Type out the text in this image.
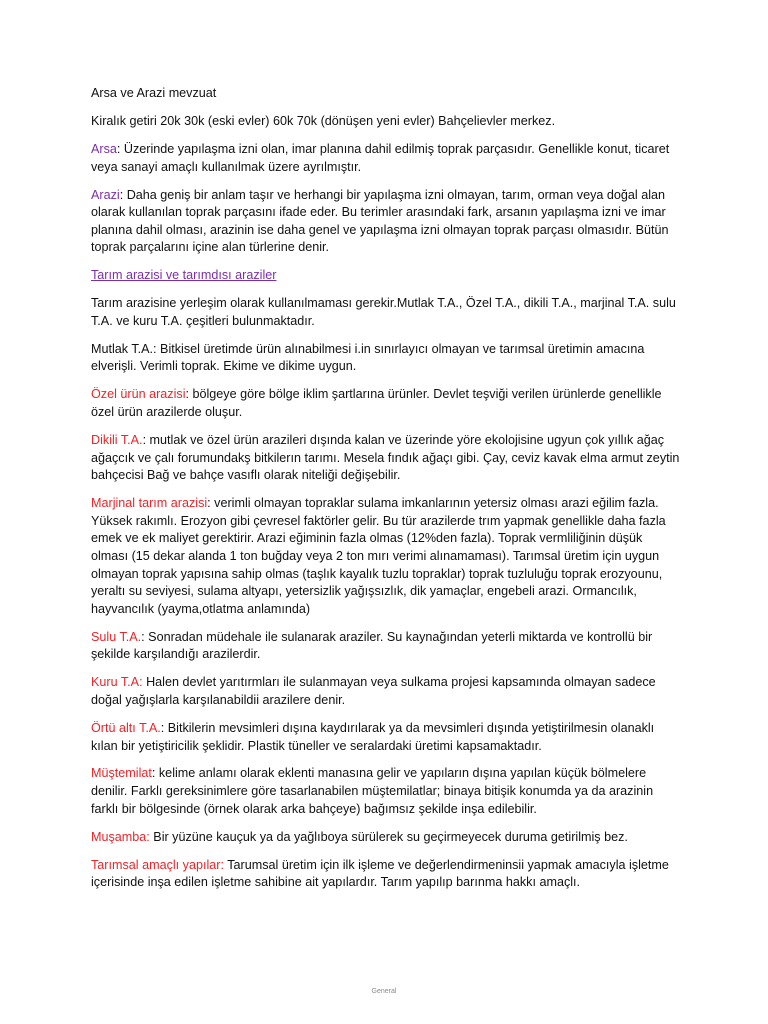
Arsa ve Arazi mevzuat

Kiralık getiri 20k 30k (eski evler) 60k 70k (dönüşen yeni evler) Bahçelievler merkez.

Arsa: Üzerinde yapılaşma izni olan, imar planına dahil edilmiş toprak parçasıdır. Genellikle konut, ticaret veya sanayi amaçlı kullanılmak üzere ayrılmıştır.

Arazi: Daha geniş bir anlam taşır ve herhangi bir yapılaşma izni olmayan, tarım, orman veya doğal alan olarak kullanılan toprak parçasını ifade eder. Bu terimler arasındaki fark, arsanın yapılaşma izni ve imar planına dahil olması, arazinin ise daha genel ve yapılaşma izni olmayan toprak parçası olmasıdır. Bütün toprak parçalarını içine alan türlerine denir.

Tarım arazisi ve tarımdısı araziler

Tarım arazisine yerleşim olarak kullanılmaması gerekir.Mutlak T.A., Özel T.A., dikili T.A., marjinal T.A. sulu T.A. ve kuru T.A. çeşitleri bulunmaktadır.

Mutlak T.A.: Bitkisel üretimde ürün alınabilmesi i.in sınırlayıcı olmayan ve tarımsal üretimin amacına elverişli. Verimli toprak. Ekime ve dikime uygun.

Özel ürün arazisi: bölgeye göre bölge iklim şartlarına ürünler. Devlet teşviği verilen ürünlerde genellikle özel ürün arazilerde oluşur.

Dikili T.A.: mutlak ve özel ürün arazileri dışında kalan ve üzerinde yöre ekolojisine ugyun çok yıllık ağaç ağaçcık ve çalı forumundakş bitkilerın tarımı. Mesela fındık ağaçı gibi. Çay, ceviz kavak elma armut zeytin bahçecisi Bağ ve bahçe vasıflı olarak niteliği değişebilir.

Marjinal tarım arazisi: verimli olmayan topraklar sulama imkanlarının yetersiz olması arazi eğilim fazla. Yüksek rakımlı. Erozyon gibi çevresel faktörler gelir. Bu tür arazilerde trım yapmak genellikle daha fazla emek ve ek maliyet gerektirir. Arazi eğiminin fazla olmas (12%den fazla). Toprak vermliliğinin düşük olması (15 dekar alanda 1 ton buğday veya 2 ton mırı verimi alınamaması). Tarımsal üretim için uygun olmayan toprak yapısına sahip olmas (taşlık kayalık tuzlu topraklar) toprak tuzluluğu toprak erozyounu, yeraltı su seviyesi, sulama altyapı, yetersizlik yağışsızlık, dik yamaçlar, engebeli arazi. Ormancılık, hayvancılık (yayma,otlatma anlamında)

Sulu T.A.: Sonradan müdehale ile sulanarak araziler. Su kaynağından yeterli miktarda ve kontrollü bir şekilde karşılandığı arazilerdir.

Kuru T.A: Halen devlet yarıtırmları ile sulanmayan veya sulkama projesi kapsamında olmayan sadece doğal yağışlarla karşılanabildii arazilere denir.

Örtü altı T.A.: Bitkilerin mevsimleri dışına kaydırılarak ya da mevsimleri dışında yetiştirilmesin olanaklı kılan bir yetiştiricilik şeklidir. Plastik tüneller ve seralardaki üretimi kapsamaktadır.

Müştemilat: kelime anlamı olarak eklenti manasına gelir ve yapıların dışına yapılan küçük bölmelere denilir. Farklı gereksinimlere göre tasarlanabilen müştemilatlar; binaya bitişik konumda ya da arazinin farklı bir bölgesinde (örnek olarak arka bahçeye) bağımsız şekilde inşa edilebilir.

Muşamba: Bir yüzüne kauçuk ya da yağlıboya sürülerek su geçirmeyecek duruma getirilmiş bez.

Tarımsal amaçlı yapılar: Tarumsal üretim için ilk işleme ve değerlendirmeninsii yapmak amacıyla işletme içerisinde inşa edilen işletme sahibine ait yapılardır. Tarım yapılıp barınma hakkı amaçlı.

General
